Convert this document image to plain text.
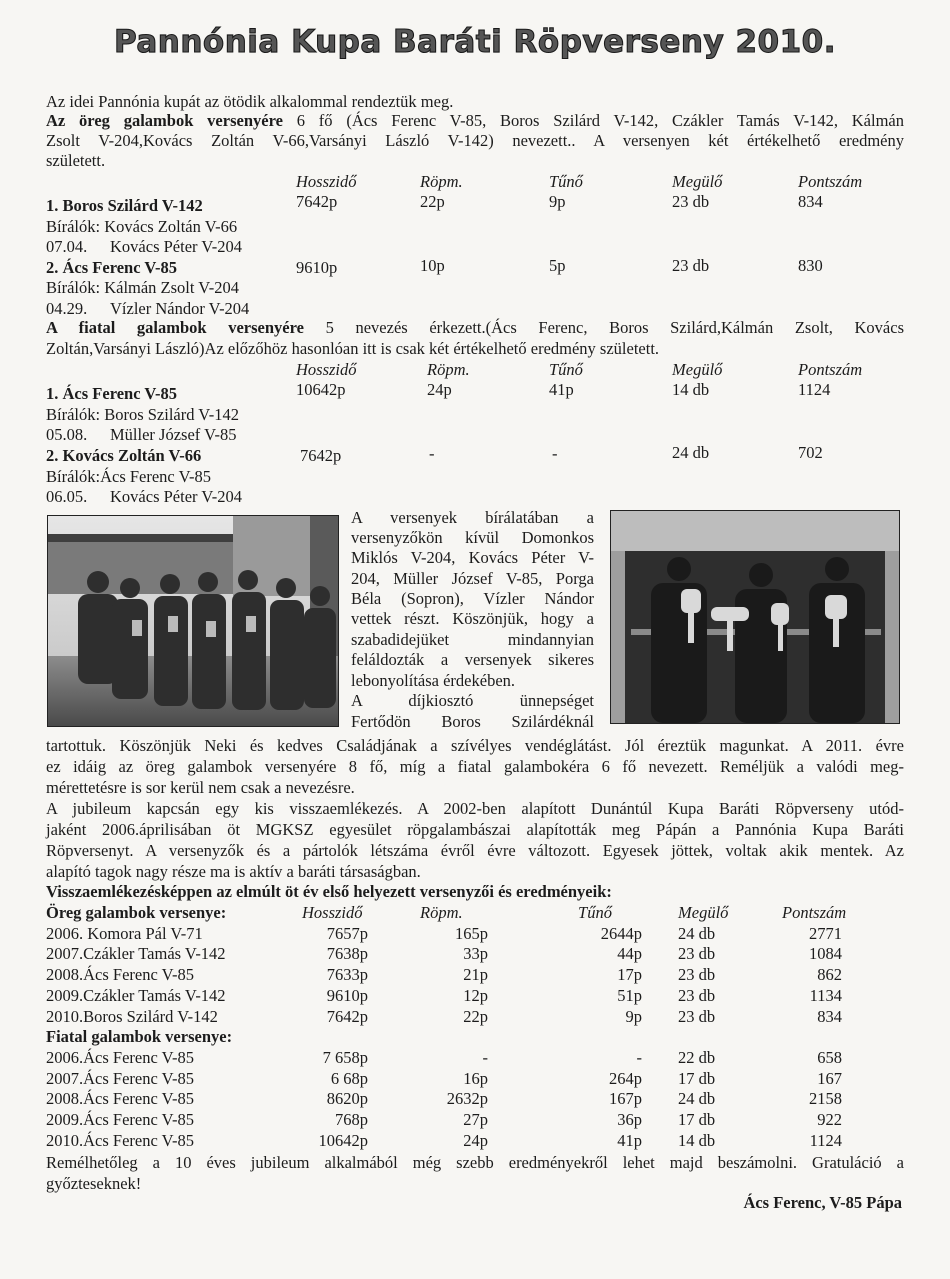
Pannónia Kupa Baráti Röpverseny 2010.
Az idei Pannónia kupát az ötödik alkalommal rendeztük meg.
Az öreg galambok versenyére 6 fő (Ács Ferenc V-85, Boros Szilárd V-142, Czákler Tamás V-142, Kálmán
Zsolt V-204,Kovács Zoltán V-66,Varsányi László V-142) nevezett.. A versenyen két értékelhető eredmény
született.
Hosszidő	Röpm.	Tűnő	Megülő	Pontszám
1. Boros Szilárd V-142	7642p	22p	9p	23 db	834
Bírálók: Kovács Zoltán V-66
07.04. Kovács Péter V-204
2. Ács Ferenc V-85	9610p	10p	5p	23 db	830
Bírálók: Kálmán Zsolt V-204
04.29. Vízler Nándor V-204
A fiatal galambok versenyére 5 nevezés érkezett.(Ács Ferenc, Boros Szilárd,Kálmán Zsolt, Kovács
Zoltán,Varsányi László)Az előzőhöz hasonlóan itt is csak két értékelhető eredmény született.
Hosszidő	Röpm.	Tűnő	Megülő	Pontszám
1. Ács Ferenc V-85	10642p	24p	41p	14 db	1124
Bírálók: Boros Szilárd V-142
05.08. Müller József V-85
2. Kovács Zoltán V-66	7642p	-	-	24 db	702
Bírálók:Ács Ferenc V-85
06.05. Kovács Péter V-204
A versenyek bírálatában a
versenyzőkön kívül Domonkos
Miklós V-204, Kovács Péter V-
204, Müller József V-85, Porga
Béla (Sopron), Vízler Nándor
vettek részt. Köszönjük, hogy a
szabadidejüket mindannyian
feláldozták a versenyek sikeres
lebonyolítása érdekében.
A díjkiosztó ünnepséget
Fertődön Boros Szilárdéknál
tartottuk. Köszönjük Neki és kedves Családjának a szívélyes vendéglátást. Jól éreztük magunkat. A 2011. évre
ez idáig az öreg galambok versenyére 8 fő, míg a fiatal galambokéra 6 fő nevezett. Reméljük a valódi meg-
mérettetésre is sor kerül nem csak a nevezésre.
A jubileum kapcsán egy kis visszaemlékezés. A 2002-ben alapított Dunántúl Kupa Baráti Röpverseny utód-
jaként 2006.áprilisában öt MGKSZ egyesület röpgalambászai alapították meg Pápán a Pannónia Kupa Baráti
Röpversenyt. A versenyzők és a pártolók létszáma évről évre változott. Egyesek jöttek, voltak akik mentek. Az
alapító tagok nagy része ma is aktív a baráti társaságban.
Visszaemlékezésképpen az elmúlt öt év első helyezett versenyzői és eredményeik:
Öreg galambok versenye:	Hosszidő	Röpm.	Tűnő	Megülő	Pontszám
2006. Komora Pál V-71	7657p	165p	2644p	24 db	2771
2007.Czákler Tamás V-142	7638p	33p	44p	23 db	1084
2008.Ács Ferenc V-85	7633p	21p	17p	23 db	862
2009.Czákler Tamás V-142	9610p	12p	51p	23 db	1134
2010.Boros Szilárd V-142	7642p	22p	9p	23 db	834
Fiatal galambok versenye:					
2006.Ács Ferenc V-85	7 658p	-	-	22 db	658
2007.Ács Ferenc V-85	6 68p	16p	264p	17 db	167
2008.Ács Ferenc V-85	8620p	2632p	167p	24 db	2158
2009.Ács Ferenc V-85	768p	27p	36p	17 db	922
2010.Ács Ferenc V-85	10642p	24p	41p	14 db	1124
Remélhetőleg a 10 éves jubileum alkalmából még szebb eredményekről lehet majd beszámolni. Gratuláció a
győzteseknek!
Ács Ferenc, V-85 Pápa
